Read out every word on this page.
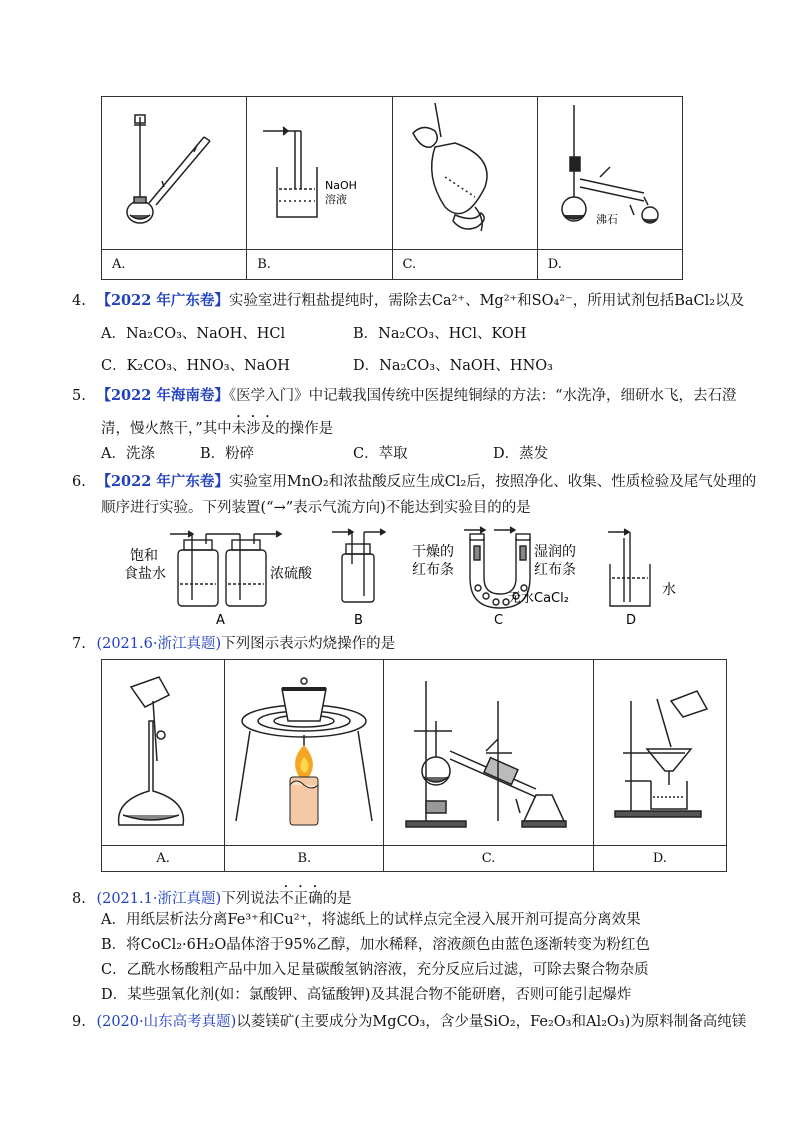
NaOH
溶液		沸石

A.	B.	C.	D.
4. 【2022 年广东卷】实验室进行粗盐提纯时，需除去Ca²⁺、Mg²⁺和SO₄²⁻，所用试剂包括BaCl₂以及
A．Na₂CO₃、NaOH、HCl	B．Na₂CO₃、HCl、KOH
C．K₂CO₃、HNO₃、NaOH	D．Na₂CO₃、NaOH、HNO₃
5. 【2022 年海南卷】《医学入门》中记载我国传统中医提纯铜绿的方法：“水洗净，细研水飞，去石澄
清，慢火熬干，”其中未涉及的操作是
A．洗涤	B．粉碎	C．萃取	D．蒸发
6. 【2022 年广东卷】实验室用MnO₂和浓盐酸反应生成Cl₂后，按照净化、收集、性质检验及尾气处理的
顺序进行实验。下列装置(“→”表示气流方向)不能达到实验目的的是
饱和
食盐水	浓硫酸
干燥的
红布条
湿润的
红布条
无水CaCl₂
水
A	B	C	D
7. (2021.6·浙江真题)下列图示表示灼烧操作的是

A.	B.	C.	D.
8. (2021.1·浙江真题)下列说法不正确的是
A．用纸层析法分离Fe³⁺和Cu²⁺，将滤纸上的试样点完全浸入展开剂可提高分离效果
B．将CoCl₂·6H₂O晶体溶于95%乙醇，加水稀释，溶液颜色由蓝色逐渐转变为粉红色
C．乙酰水杨酸粗产品中加入足量碳酸氢钠溶液，充分反应后过滤，可除去聚合物杂质
D．某些强氧化剂(如：氯酸钾、高锰酸钾)及其混合物不能研磨，否则可能引起爆炸
9. (2020·山东高考真题)以菱镁矿(主要成分为MgCO₃，含少量SiO₂，Fe₂O₃和Al₂O₃)为原料制备高纯镁
